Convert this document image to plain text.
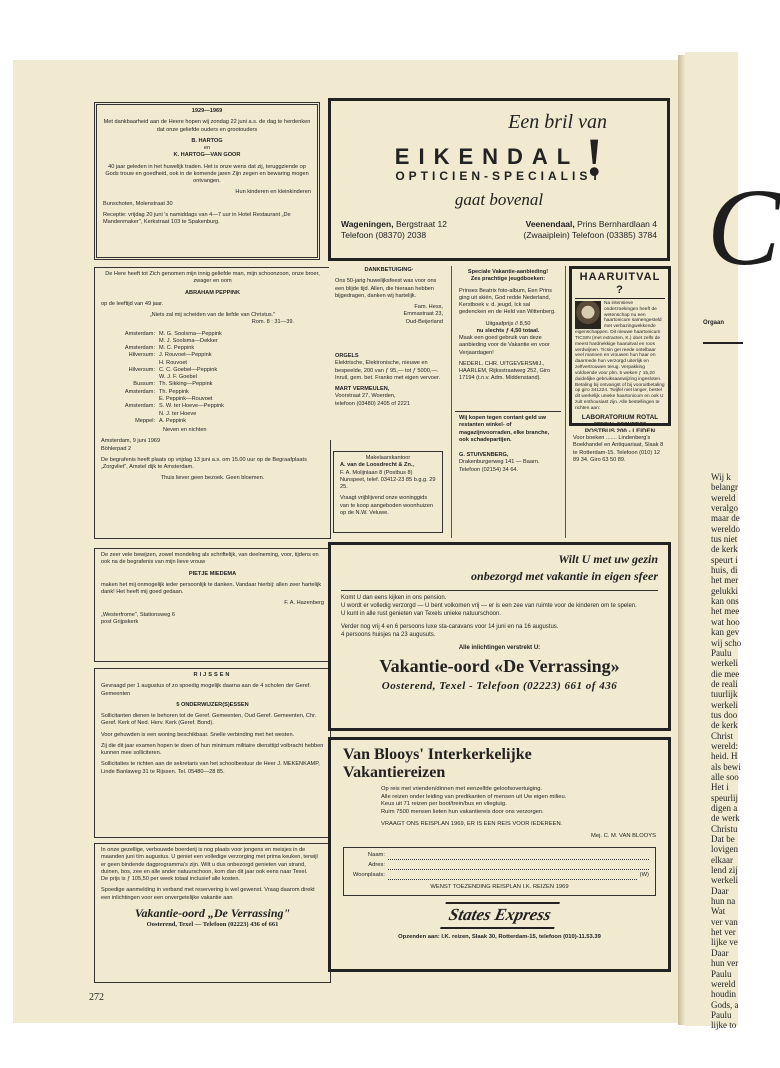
1929—1969
Met dankbaarheid aan de Heere hopen wij zondag 22 juni a.s. de dag te herdenken dat onze geliefde ouders en grootouders
B. HARTOG
en
K. HARTOG—VAN GOOR
40 jaar geleden in het huwelijk traden. Het is onze wens dat zij, teruggziende op Gods trouw en goedheid, ook in de komende jaren Zijn zegen en bewaring mogen ontvangen.
Hun kinderen en kleinkinderen
Bunschoten, Molenstraat 30
Receptie: vrijdag 20 juni 's namiddags van 4—7 uur in Hotel Restaurant „De Mandenmaker", Kerkstraat 103 te Spakenburg.
Een bril van
EIKENDAL !
OPTICIEN-SPECIALIST
gaat bovenal
Wageningen, Bergstraat 12
Telefoon (08370) 2038
Veenendaal, Prins Bernhardlaan 4
(Zwaaiplein) Telefoon (03385) 3784
De Here heeft tot Zich genomen mijn innig geliefde man, mijn schoonzoon, onze broer, zwager en oom
ABRAHAM PEPPINK
op de leeftijd van 49 jaar.
„Niets zal mij scheiden van de liefde van Christus."
Rom. 8 : 31—39.
Amsterdam: M. G. Soolsma—Peppink
M. J. Soolsma—Dekker
Amsterdam: M. C. Peppink
Hilversum: J. Rouvoet—Peppink
H. Rouvoet
Hilversum: C. C. Goebel—Peppink
W. J. F. Goebel
Bussum: Th. Sikking—Peppink
Amsterdam: Th. Peppink
E. Peppink—Rouvoet
Amsterdam: S. W. ter Hoeve—Peppink
N. J. ter Hoeve
Meppel: A. Peppink
Neven en nichten
Amsterdam, 9 juni 1969
Böhlerpad 2
De begrafenis heeft plaats op vrijdag 13 juni a.s. om 15.00 uur op de Begraafplaats „Zorgvliet", Amstel dijk te Amsterdam.
Thuis liever geen bezoek. Geen bloemen.
DANKBETUIGING·
Ons 50-jarig huwelijksfeest was voor ons een blijde tijd. Allen, die hieraan hebben bijgedragen, danken wij hartelijk.
Fam. Hess,
Emmastraat 23,
Oud-Beijerland
ORGELS
Elektrische, Elektronische, nieuwe en bespeelde, 200 van ƒ 95,— tot ƒ 5000,—. Inruil, gem. bet. Franko met eigen vervoer.
MART VERMEULEN,
Voorstraat 27, Woerden,
telefoon (03480) 2405 of 2221
Makelaarskantoor
A. van de Loosdrecht & Zn.,
F. A. Molijnlaan 8 (Postbus 8) Nunspeet, telef. 03412-23 85 b.g.g. 29 25.
Vraagt vrijblijvend onze woninggids van te koop aangeboden woonhuizen op de N.W. Veluwe.
Speciale Vakantie-aanbieding!
Zes prachtige jeugdboeken:
Prinses Beatrix foto-album, Een Prins ging uit skiën, God redde Nederland, Kerstboek v. d. jeugd, Ick sal gedencken en de Held van Wittenberg.
Uitgaafprijs // 8,50
nu slechts ƒ 4,50 totaal.
Maak een goed gebruik van deze aanbieding voor de Vakantie en voor Verjaardagen!
NEDERL. CHR. UITGEVERSMIJ., HAARLEM, Rijksstraatweg 252, Giro 17194 (t.n.v. Adm. Middenstand).
Wij kopen tegen contant geld uw restanten winkel- of magazijnvoorraden, elke branche, ook schadepartijen.
G. STUIVENBERG,
Drakenburgerweg 141 — Baarn.
Telefoon (02154) 34 64.
HAARUITVAL ?
Na intensieve onderzoekingen heeft de wetenschap nu een haartonicum samengesteld met verbazingwekkende eigenschappen. Dit nieuwe haartonicum TICSIN (met extracten, K.) doet zelfs de meest hardnekkige haaruitval en roos verdwijnen. Ticsin geï reede ontelbaar veel mannen en vrouwen hun haar en daarmede hun verzorgd uiterlijk en zelfvertrouwen terug. Verpakking voldoende voor plm. 5 weken ƒ 15,20 duidelijke gebruiksaanwijzing ingesloten. Betaling bij ontvangst of bij vooruitbetaling op giro 341224. Twijfel niet langer, bestel dit werkelijk unieke haartonicum en ook U zult enthousiast zijn. Alle bestellingen te richten aan:
LABORATORIUM ROTAL
SPECIAL COSMETICS
Voor boeken ....... Lindenberg's Boekhandel en Antiquariaat, Slaak 8 te Rotterdam-15. Telefoon (010) 12 89 34. Giro 63 50 89.
De zeer vele bewijzen, zowel mondeling als schriftelijk, van deelneming, voor, tijdens en ook na de begrafenis van mijn lieve vrouw
PIETJE MIEDEMA
maken het mij onmogelijk ieder persoonlijk te danken. Vandaar hierbij: allen zeer hartelijk dank! Het heeft mij goed gedaan.
F. A. Hazenberg
„Westerfrome", Stationsweg 6
post Grijpskerk
RIJSSEN
Gevraagd per 1 augustus of zo spoedig mogelijk daarna aan de 4 scholen der Geref. Gemeenten
5 ONDERWIJZER(S)ESSEN
Sollicitanten dienen te behoren tot de Geref. Gemeenten, Oud Geref. Gemeenten, Chr. Geref. Kerk of Ned. Herv. Kerk (Geref. Bond).
Voor gehuwden is een woning beschikbaar. Snelle verbinding met het westen.
Zij die dit jaar examen hopen te doen of hun minimum militaire diensttijd volbracht hebben kunnen mee solliciteren.
Sollicitaties te richten aan de sekretaris van het schoolbestuur de Heer J. MEKENKAMP, Linde Banlaweg 31 te Rijssen. Tel. 05480—28 85.
In onze gezellige, verbouwde boerderij is nog plaats voor jongens en meisjes in de maanden juni t/m augustus. U geniet een volledige verzorging met prima keuken, terwijl er geen bindende dagprogramma's zijn. Wilt u dus onbezorgd genieten van strand, duinen, bos, zee en alle ander natuurschoon, kom dan dit jaar ook eens naar Texel.
De prijs is ƒ 105,50 per week totaal inclusief alle kosten.
Spoedige aanmelding in verband met reservering is wel gewenst. Vraag daarom direkt een inlichtingen voor een onvergetelijke vakantie aan
Vakantie-oord „De Verrassing"
Oosterend, Texel — Telefoon (02223) 436 of 661
Wilt U met uw gezin
onbezorgd met vakantie in eigen sfeer
Komt U dan eens kijken in ons pension.
U wordt er volledig verzorgd — U bent volkomen vrij — er is een zee van ruimte voor de kinderen om te spelen.
U kunt in alle rust genieten van Texels unieke natuurschoon.
Verder nog vrij 4 en 6 persoons luxe sta-caravans voor 14 juni en na 16 augustus.
4 persoons huisjes na 23 augusuts.
Alle inlichtingen verstrekt U:
Vakantie-oord «De Verrassing»
Oosterend, Texel - Telefoon (02223) 661 of 436
Van Blooys' Interkerkelijke
Vakantiereizen
Op reis met vrienden/dinnen met eenzelfde geloofsovertuiging.
Alle reizen onder leiding van predikanten of mensen uit Uw eigen milieu.
Keus uit 71 reizen per boot/trein/bus en vliegtuig.
Ruim 7500 mensen lieten hun vakantiereis door ons verzorgen.
VRAAGT ONS REISPLAN 1969, ER IS EEN REIS VOOR IEDEREEN.
Mej. C. M. VAN BLOOYS
Naam:
Adres:
Woonplaats:	(W)
WENST TOEZENDING REISPLAN I.K. REIZEN 1969
States Express
Opzenden aan: I.K. reizen, Slaak 30, Rotterdam-15, telefoon (010)-11.53.39
272
C
Orgaan
Wij k
belangr
wereld
veralgo
maar de
wereldo
tus niet
de kerk
speurt i
huis, di
het mer
gelukki
kan ons
het mee
wat hoo
kan gev
wij scho
Paulu
werkeli
die mee
de reali
tuurlijk
werkeli
tus doo
de kerk
Christ
wereld:
heid. H
als bewi
alle soo
Het i
speurlij
digen a
de werk
Christu
Dat be
lovigen
elkaar
lend zij
werkeli
Daar
hun na
Wat
ver van
het ver
lijke ve
Daar
hun ver
Paulu
wereld
houdin
Gods, a
Paulu
lijke to
